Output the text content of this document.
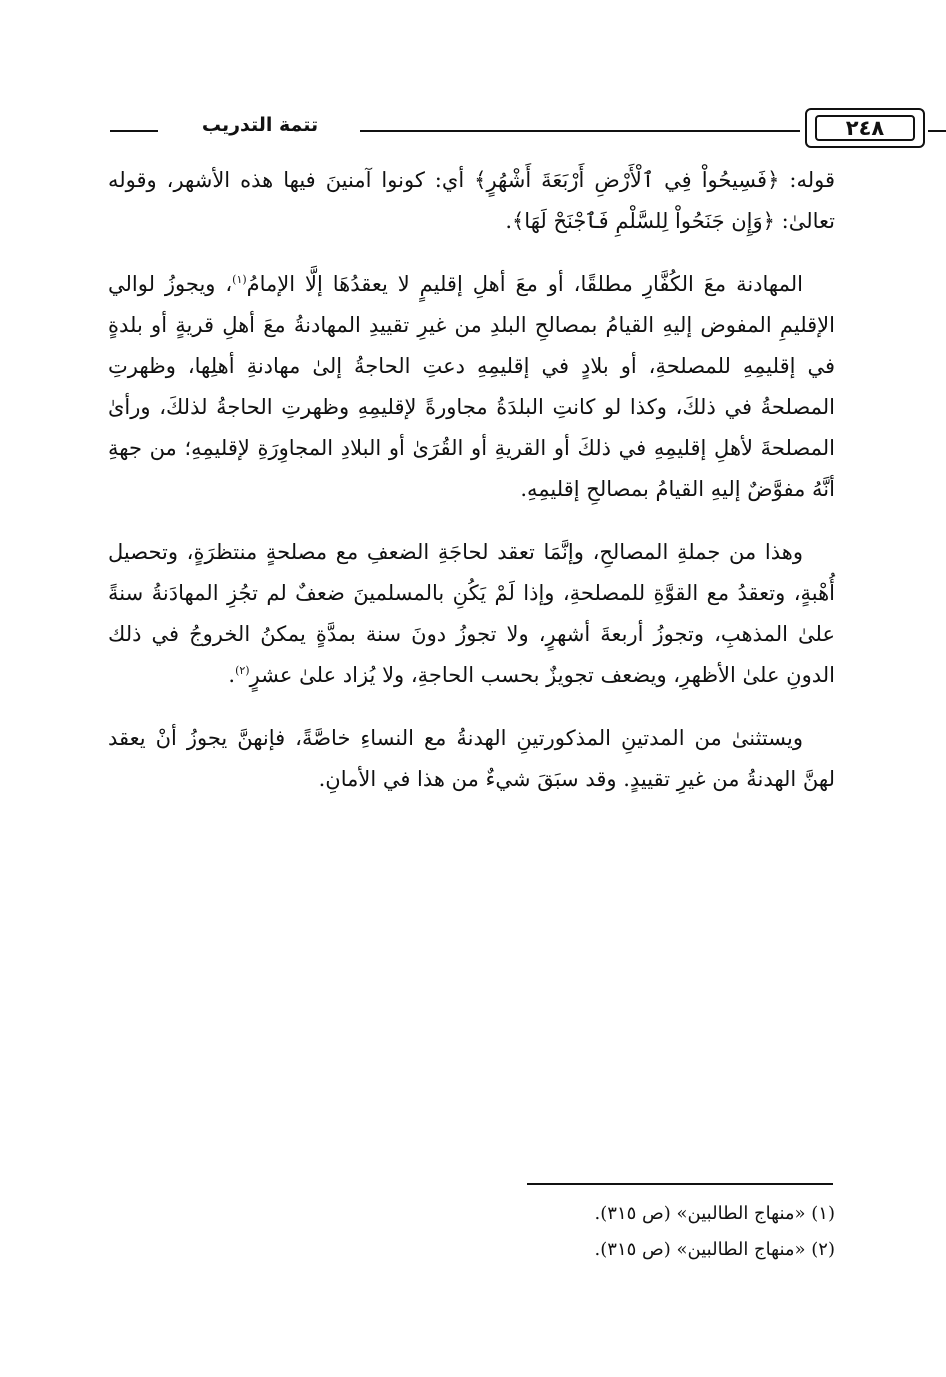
تتمة التدريب	٢٤٨

قوله: ﴿فَسِيحُواْ فِي ٱلْأَرْضِ أَرْبَعَةَ أَشْهُرٍ﴾ أي: كونوا آمنينَ فيها هذه الأشهر، وقوله تعالىٰ: ﴿وَإِن جَنَحُواْ لِلسَّلْمِ فَٱجْنَحْ لَهَا﴾.

المهادنة معَ الكُفَّارِ مطلقًا، أو معَ أهلِ إقليمٍ لا يعقدُهَا إلَّا الإمامُ$^{(١)}$، ويجوزُ لوالي الإقليمِ المفوض إليهِ القيامُ بمصالحِ البلدِ من غيرِ تقييدِ المهادنةُ معَ أهلِ قريةٍ أو بلدةٍ في إقليمِهِ للمصلحةِ، أو بلادٍ في إقليمِهِ دعتِ الحاجةُ إلىٰ مهادنةِ أهلِها، وظهرتِ المصلحةُ في ذلكَ، وكذا لو كانتِ البلدَةُ مجاورةً لإقليمِهِ وظهرتِ الحاجةُ لذلكَ، ورأىٰ المصلحةَ لأهلِ إقليمِهِ في ذلكَ أو القريةِ أو القُرَىٰ أو البلادِ المجاوِرَةِ لإقليمِهِ؛ من جهةِ أنَّهُ مفوَّضٌ إليهِ القيامُ بمصالحِ إقليمِهِ.

وهذا من جملةِ المصالحِ، وإنَّمَا تعقد لحاجَةِ الضعفِ مع مصلحةٍ منتظرَةٍ، وتحصيل أُهْبةٍ، وتعقدُ مع القوَّةِ للمصلحةِ، وإذا لَمْ يَكُنِ بالمسلمينَ ضعفٌ لم تجُزِ المهادَنةُ سنةً علىٰ المذهبِ، وتجوزُ أربعةَ أشهرٍ، ولا تجوزُ دونَ سنة بمدَّةٍ يمكنُ الخروجُ في ذلك الدونِ علىٰ الأظهرِ، ويضعف تجويزٌ بحسب الحاجةِ، ولا يُزاد علىٰ عشرٍ$^{(٢)}$.

ويستثنىٰ من المدتينِ المذكورتينِ الهدنةُ مع النساءِ خاصَّةً، فإنهنَّ يجوزُ أنْ يعقد لهنَّ الهدنةُ من غيرِ تقييدٍ. وقد سبَقَ شيءٌ من هذا في الأمانِ.

(١) «منهاج الطالبين» (ص ٣١٥).
(٢) «منهاج الطالبين» (ص ٣١٥).
